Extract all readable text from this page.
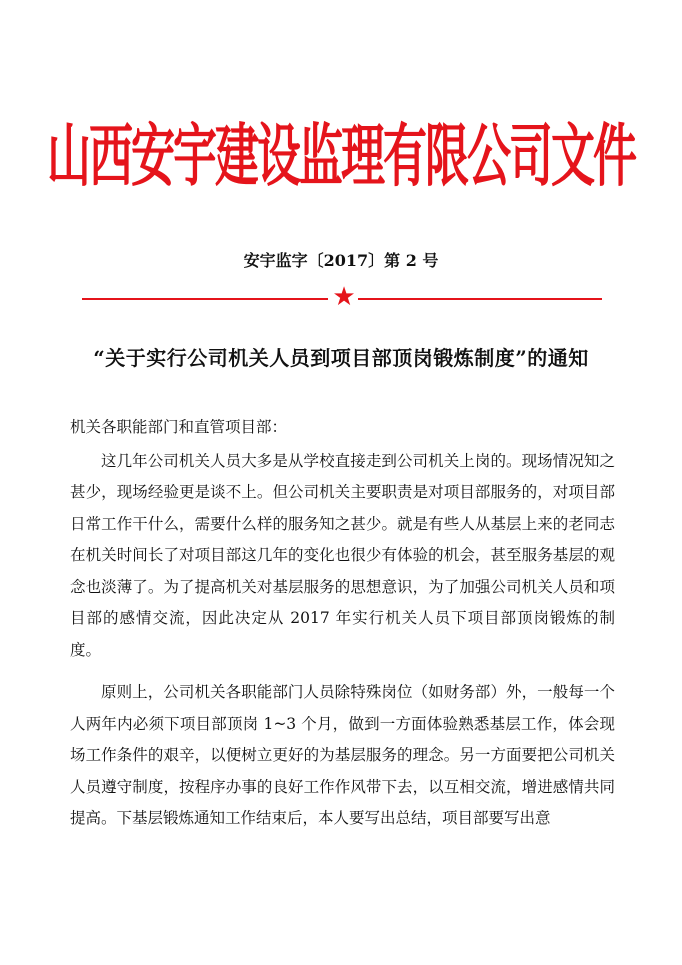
山西安宇建设监理有限公司文件
安宇监字〔2017〕第 2 号
★
“关于实行公司机关人员到项目部顶岗锻炼制度”的通知

机关各职能部门和直管项目部：

这几年公司机关人员大多是从学校直接走到公司机关上岗的。现场情况知之甚少，现场经验更是谈不上。但公司机关主要职责是对项目部服务的，对项目部日常工作干什么，需要什么样的服务知之甚少。就是有些人从基层上来的老同志在机关时间长了对项目部这几年的变化也很少有体验的机会，甚至服务基层的观念也淡薄了。为了提高机关对基层服务的思想意识，为了加强公司机关人员和项目部的感情交流，因此决定从 2017 年实行机关人员下项目部顶岗锻炼的制度。

原则上，公司机关各职能部门人员除特殊岗位（如财务部）外，一般每一个人两年内必须下项目部顶岗 1~3 个月，做到一方面体验熟悉基层工作，体会现场工作条件的艰辛，以便树立更好的为基层服务的理念。另一方面要把公司机关人员遵守制度，按程序办事的良好工作作风带下去，以互相交流，增进感情共同提高。下基层锻炼通知工作结束后，本人要写出总结，项目部要写出意
